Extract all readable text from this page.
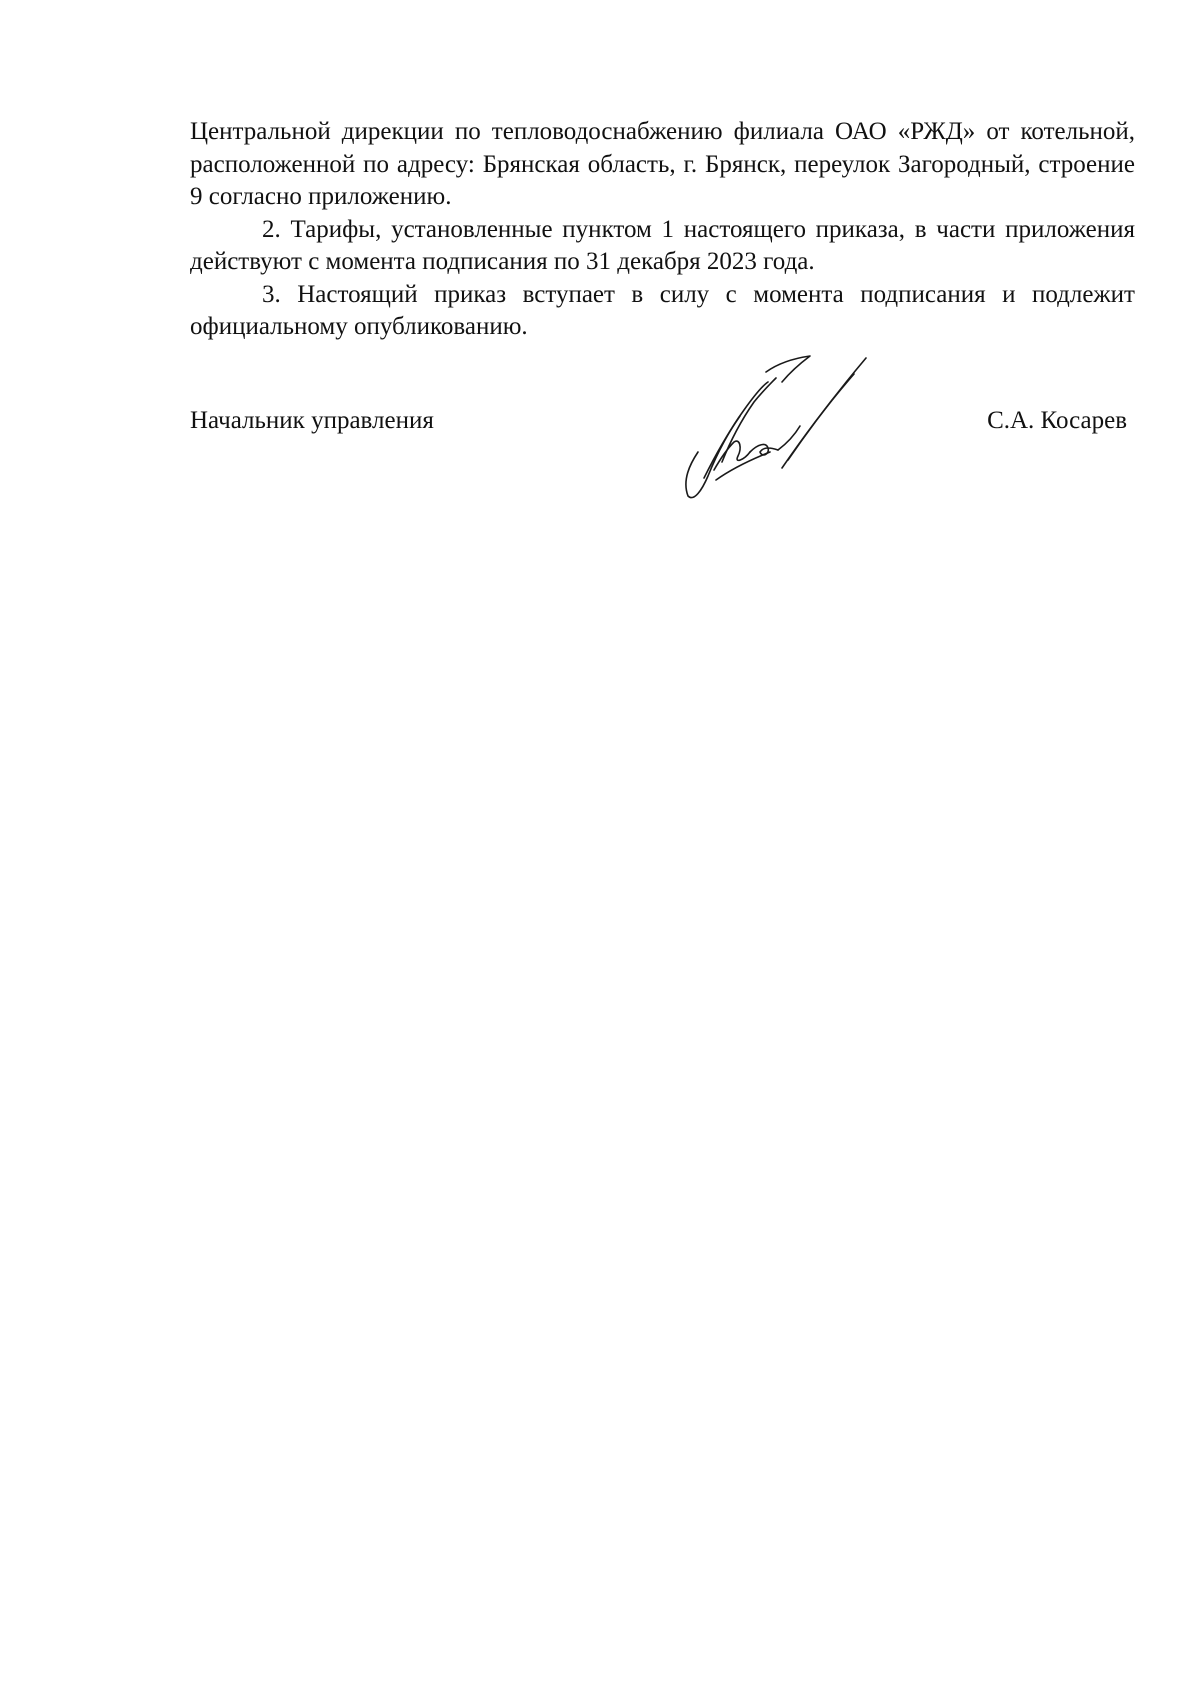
Центральной дирекции по тепловодоснабжению филиала ОАО «РЖД» от котельной, расположенной по адресу: Брянская область, г. Брянск, переулок Загородный, строение 9 согласно приложению.

2. Тарифы, установленные пунктом 1 настоящего приказа, в части приложения действуют с момента подписания по 31 декабря 2023 года.

3. Настоящий приказ вступает в силу с момента подписания и подлежит официальному опубликованию.

Начальник управления	С.А. Косарев
